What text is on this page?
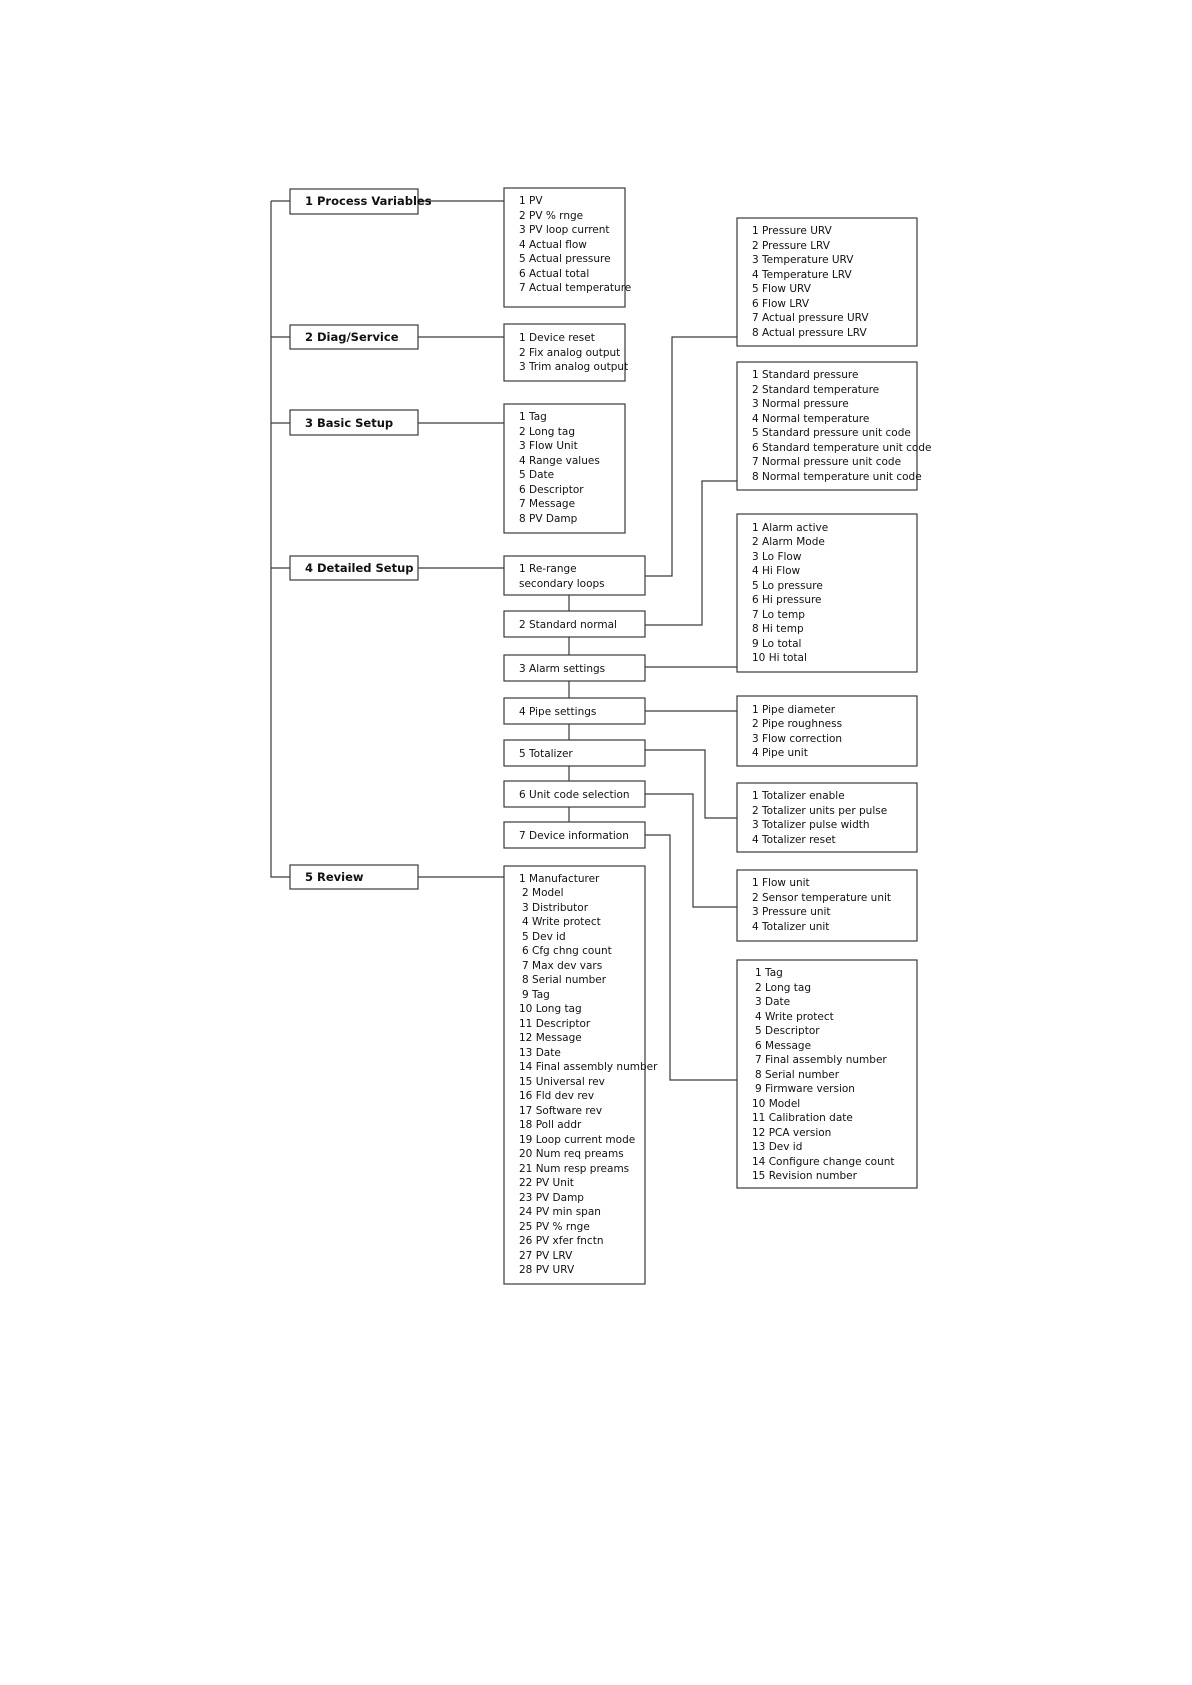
1 Process Variables
2 Diag/Service
3 Basic Setup
4 Detailed Setup
5 Review
1 PV
2 PV % rnge
3 PV loop current
4 Actual flow
5 Actual pressure
6 Actual total
7 Actual temperature
1 Device reset
2 Fix analog output
3 Trim analog output
1 Tag
2 Long tag
3 Flow Unit
4 Range values
5 Date
6 Descriptor
7 Message
8 PV Damp
1 Manufacturer
2 Model
3 Distributor
4 Write protect
5 Dev id
6 Cfg chng count
7 Max dev vars
8 Serial number
9 Tag
10 Long tag
11 Descriptor
12 Message
13 Date
14 Final assembly number
15 Universal rev
16 Fld dev rev
17 Software rev
18 Poll addr
19 Loop current mode
20 Num req preams
21 Num resp preams
22 PV Unit
23 PV Damp
24 PV min span
25 PV % rnge
26 PV xfer fnctn
27 PV LRV
28 PV URV
1 Re-range
secondary loops
2 Standard normal
3 Alarm settings
4 Pipe settings
5 Totalizer
6 Unit code selection
7 Device information
1 Pressure URV
2 Pressure LRV
3 Temperature URV
4 Temperature LRV
5 Flow URV
6 Flow LRV
7 Actual pressure URV
8 Actual pressure LRV
1 Standard pressure
2 Standard temperature
3 Normal pressure
4 Normal temperature
5 Standard pressure unit code
6 Standard temperature unit code
7 Normal pressure unit code
8 Normal temperature unit code
1 Alarm active
2 Alarm Mode
3 Lo Flow
4 Hi Flow
5 Lo pressure
6 Hi pressure
7 Lo temp
8 Hi temp
9 Lo total
10 Hi total
1 Pipe diameter
2 Pipe roughness
3 Flow correction
4 Pipe unit
1 Totalizer enable
2 Totalizer units per pulse
3 Totalizer pulse width
4 Totalizer reset
1 Flow unit
2 Sensor temperature unit
3 Pressure unit
4 Totalizer unit
1 Tag
2 Long tag
3 Date
4 Write protect
5 Descriptor
6 Message
7 Final assembly number
8 Serial number
9 Firmware version
10 Model
11 Calibration date
12 PCA version
13 Dev id
14 Configure change count
15 Revision number
